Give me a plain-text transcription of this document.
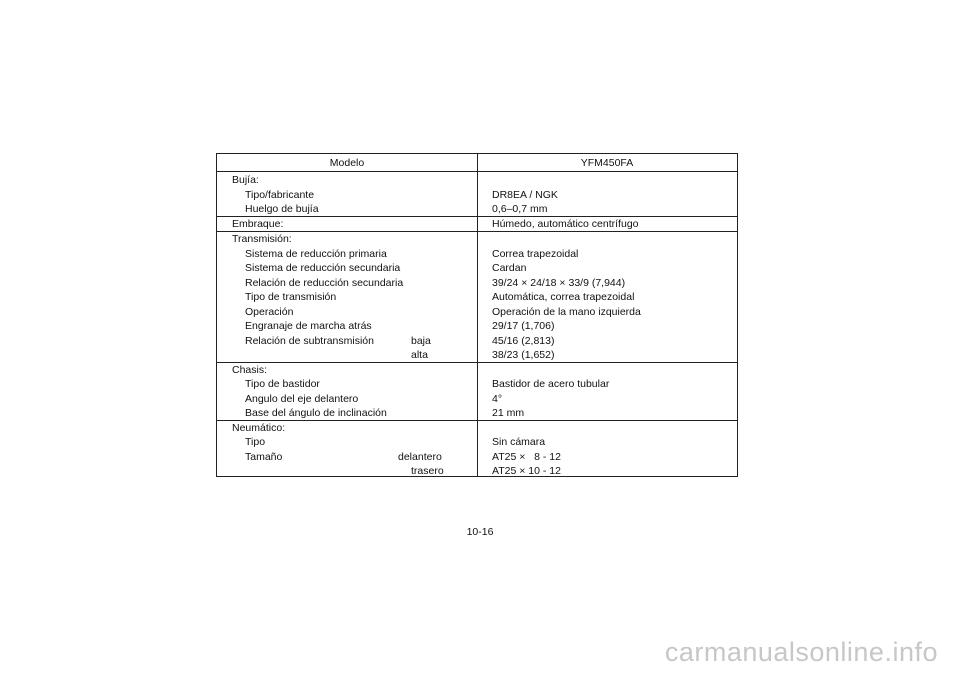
Modelo	YFM450FA
Bujía:
Tipo/fabricante	DR8EA / NGK
Huelgo de bujía	0,6–0,7 mm
Embraque:	Húmedo, automático centrífugo
Transmisión:
Sistema de reducción primaria	Correa trapezoidal
Sistema de reducción secundaria	Cardan
Relación de reducción secundaria	39/24 × 24/18 × 33/9 (7,944)
Tipo de transmisión	Automática, correa trapezoidal
Operación	Operación de la mano izquierda
Engranaje de marcha atrás	29/17 (1,706)
Relación de subtransmisión	baja	45/16 (2,813)
alta	38/23 (1,652)
Chasis:
Tipo de bastidor	Bastidor de acero tubular
Angulo del eje delantero	4°
Base del ángulo de inclinación	21 mm
Neumático:
Tipo	Sin cámara
Tamaño	delantero	AT25 ×   8 - 12
trasero	AT25 × 10 - 12
10-16
carmanualsonline.info
